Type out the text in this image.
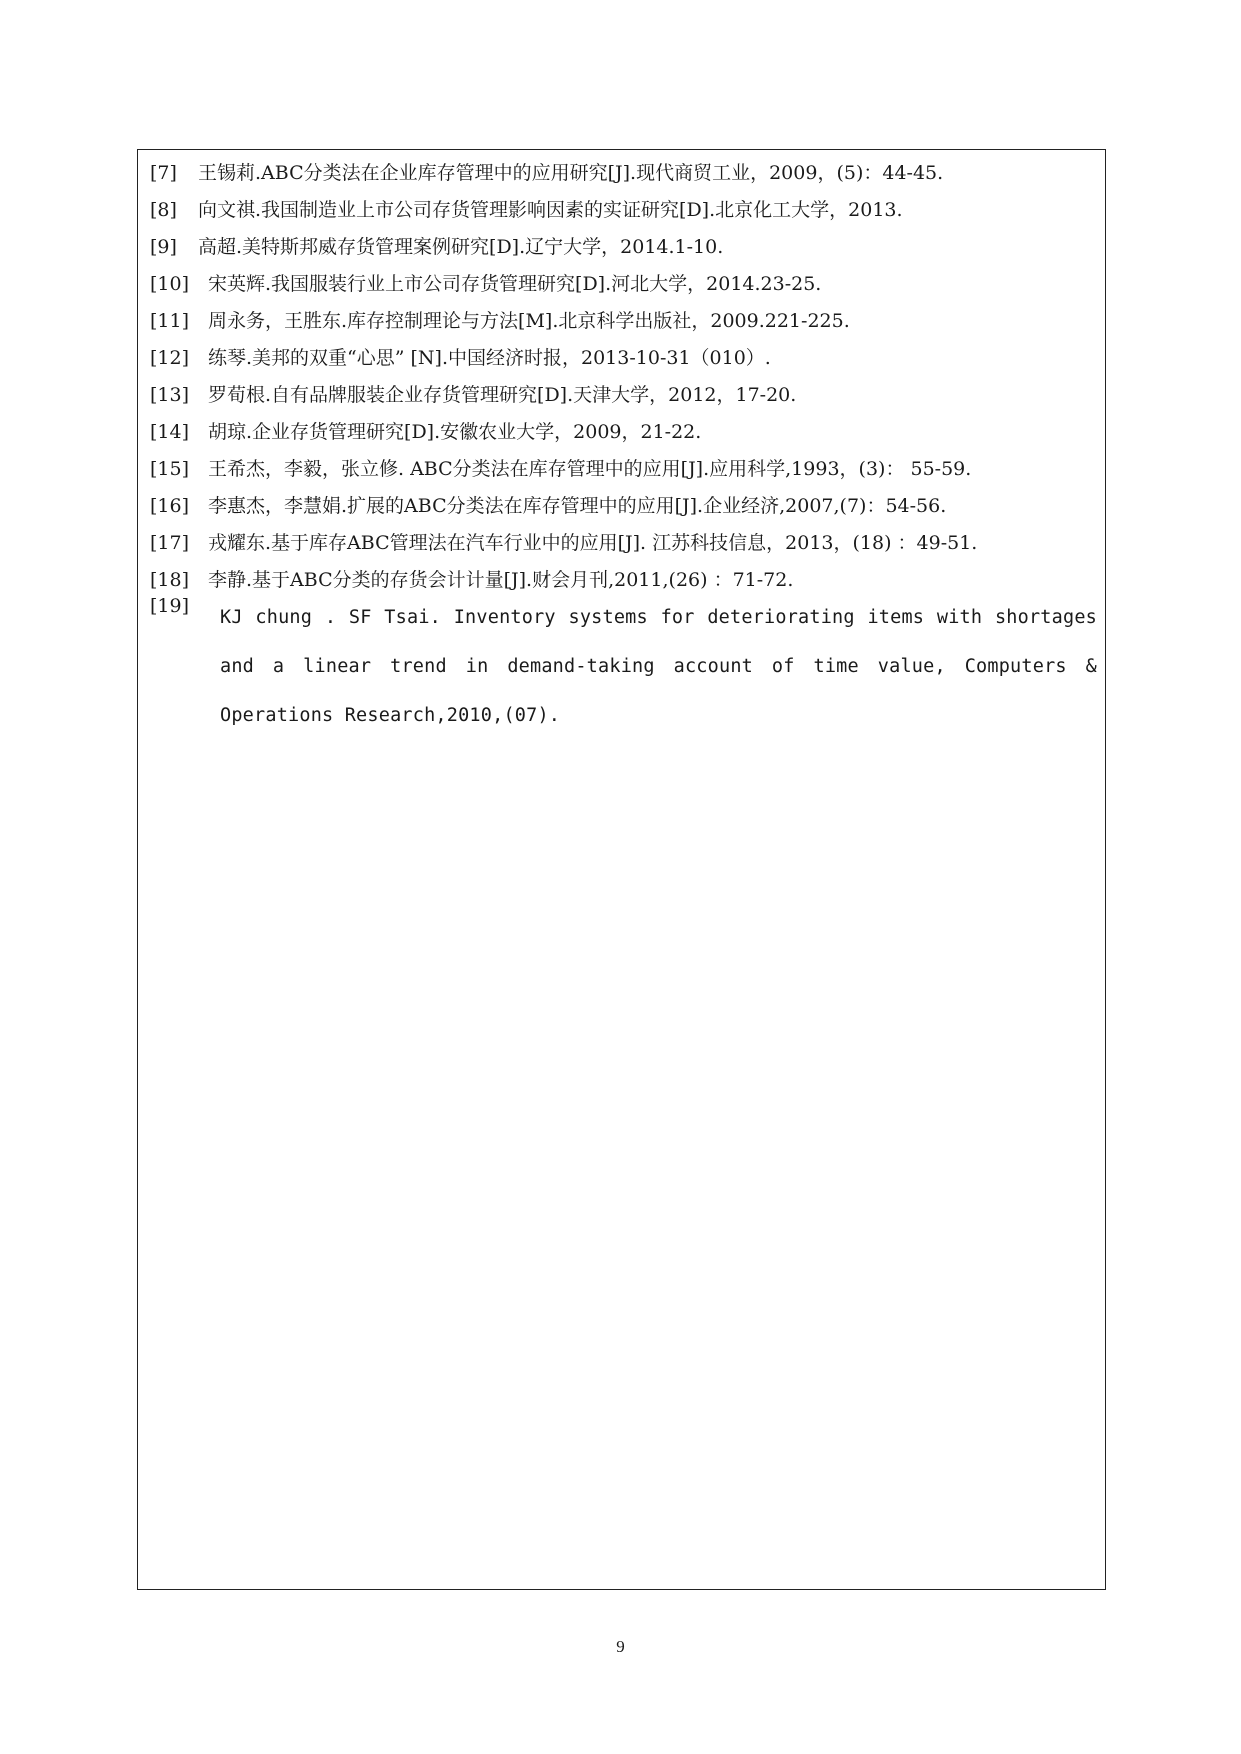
[7] 王锡莉.ABC分类法在企业库存管理中的应用研究[J].现代商贸工业，2009，(5)：44-45.
[8] 向文祺.我国制造业上市公司存货管理影响因素的实证研究[D].北京化工大学，2013.
[9] 高超.美特斯邦威存货管理案例研究[D].辽宁大学，2014.1-10.
[10] 宋英辉.我国服装行业上市公司存货管理研究[D].河北大学，2014.23-25.
[11] 周永务，王胜东.库存控制理论与方法[M].北京科学出版社，2009.221-225.
[12] 练琴.美邦的双重“心思” [N].中国经济时报，2013-10-31（010）.
[13] 罗荀根.自有品牌服装企业存货管理研究[D].天津大学，2012，17-20.
[14] 胡琼.企业存货管理研究[D].安徽农业大学，2009，21-22.
[15] 王希杰，李毅，张立修. ABC分类法在库存管理中的应用[J].应用科学,1993，(3)： 55-59.
[16] 李惠杰，李慧娟.扩展的ABC分类法在库存管理中的应用[J].企业经济,2007,(7)：54-56.
[17] 戎耀东.基于库存ABC管理法在汽车行业中的应用[J]. 江苏科技信息，2013，(18) ：49-51.
[18] 李静.基于ABC分类的存货会计计量[J].财会月刊,2011,(26) ：71-72.
[19]
KJ chung . SF Tsai. Inventory systems for deteriorating items with shortages and a linear trend in demand-taking account of time value, Computers & Operations Research,2010,(07).
9
